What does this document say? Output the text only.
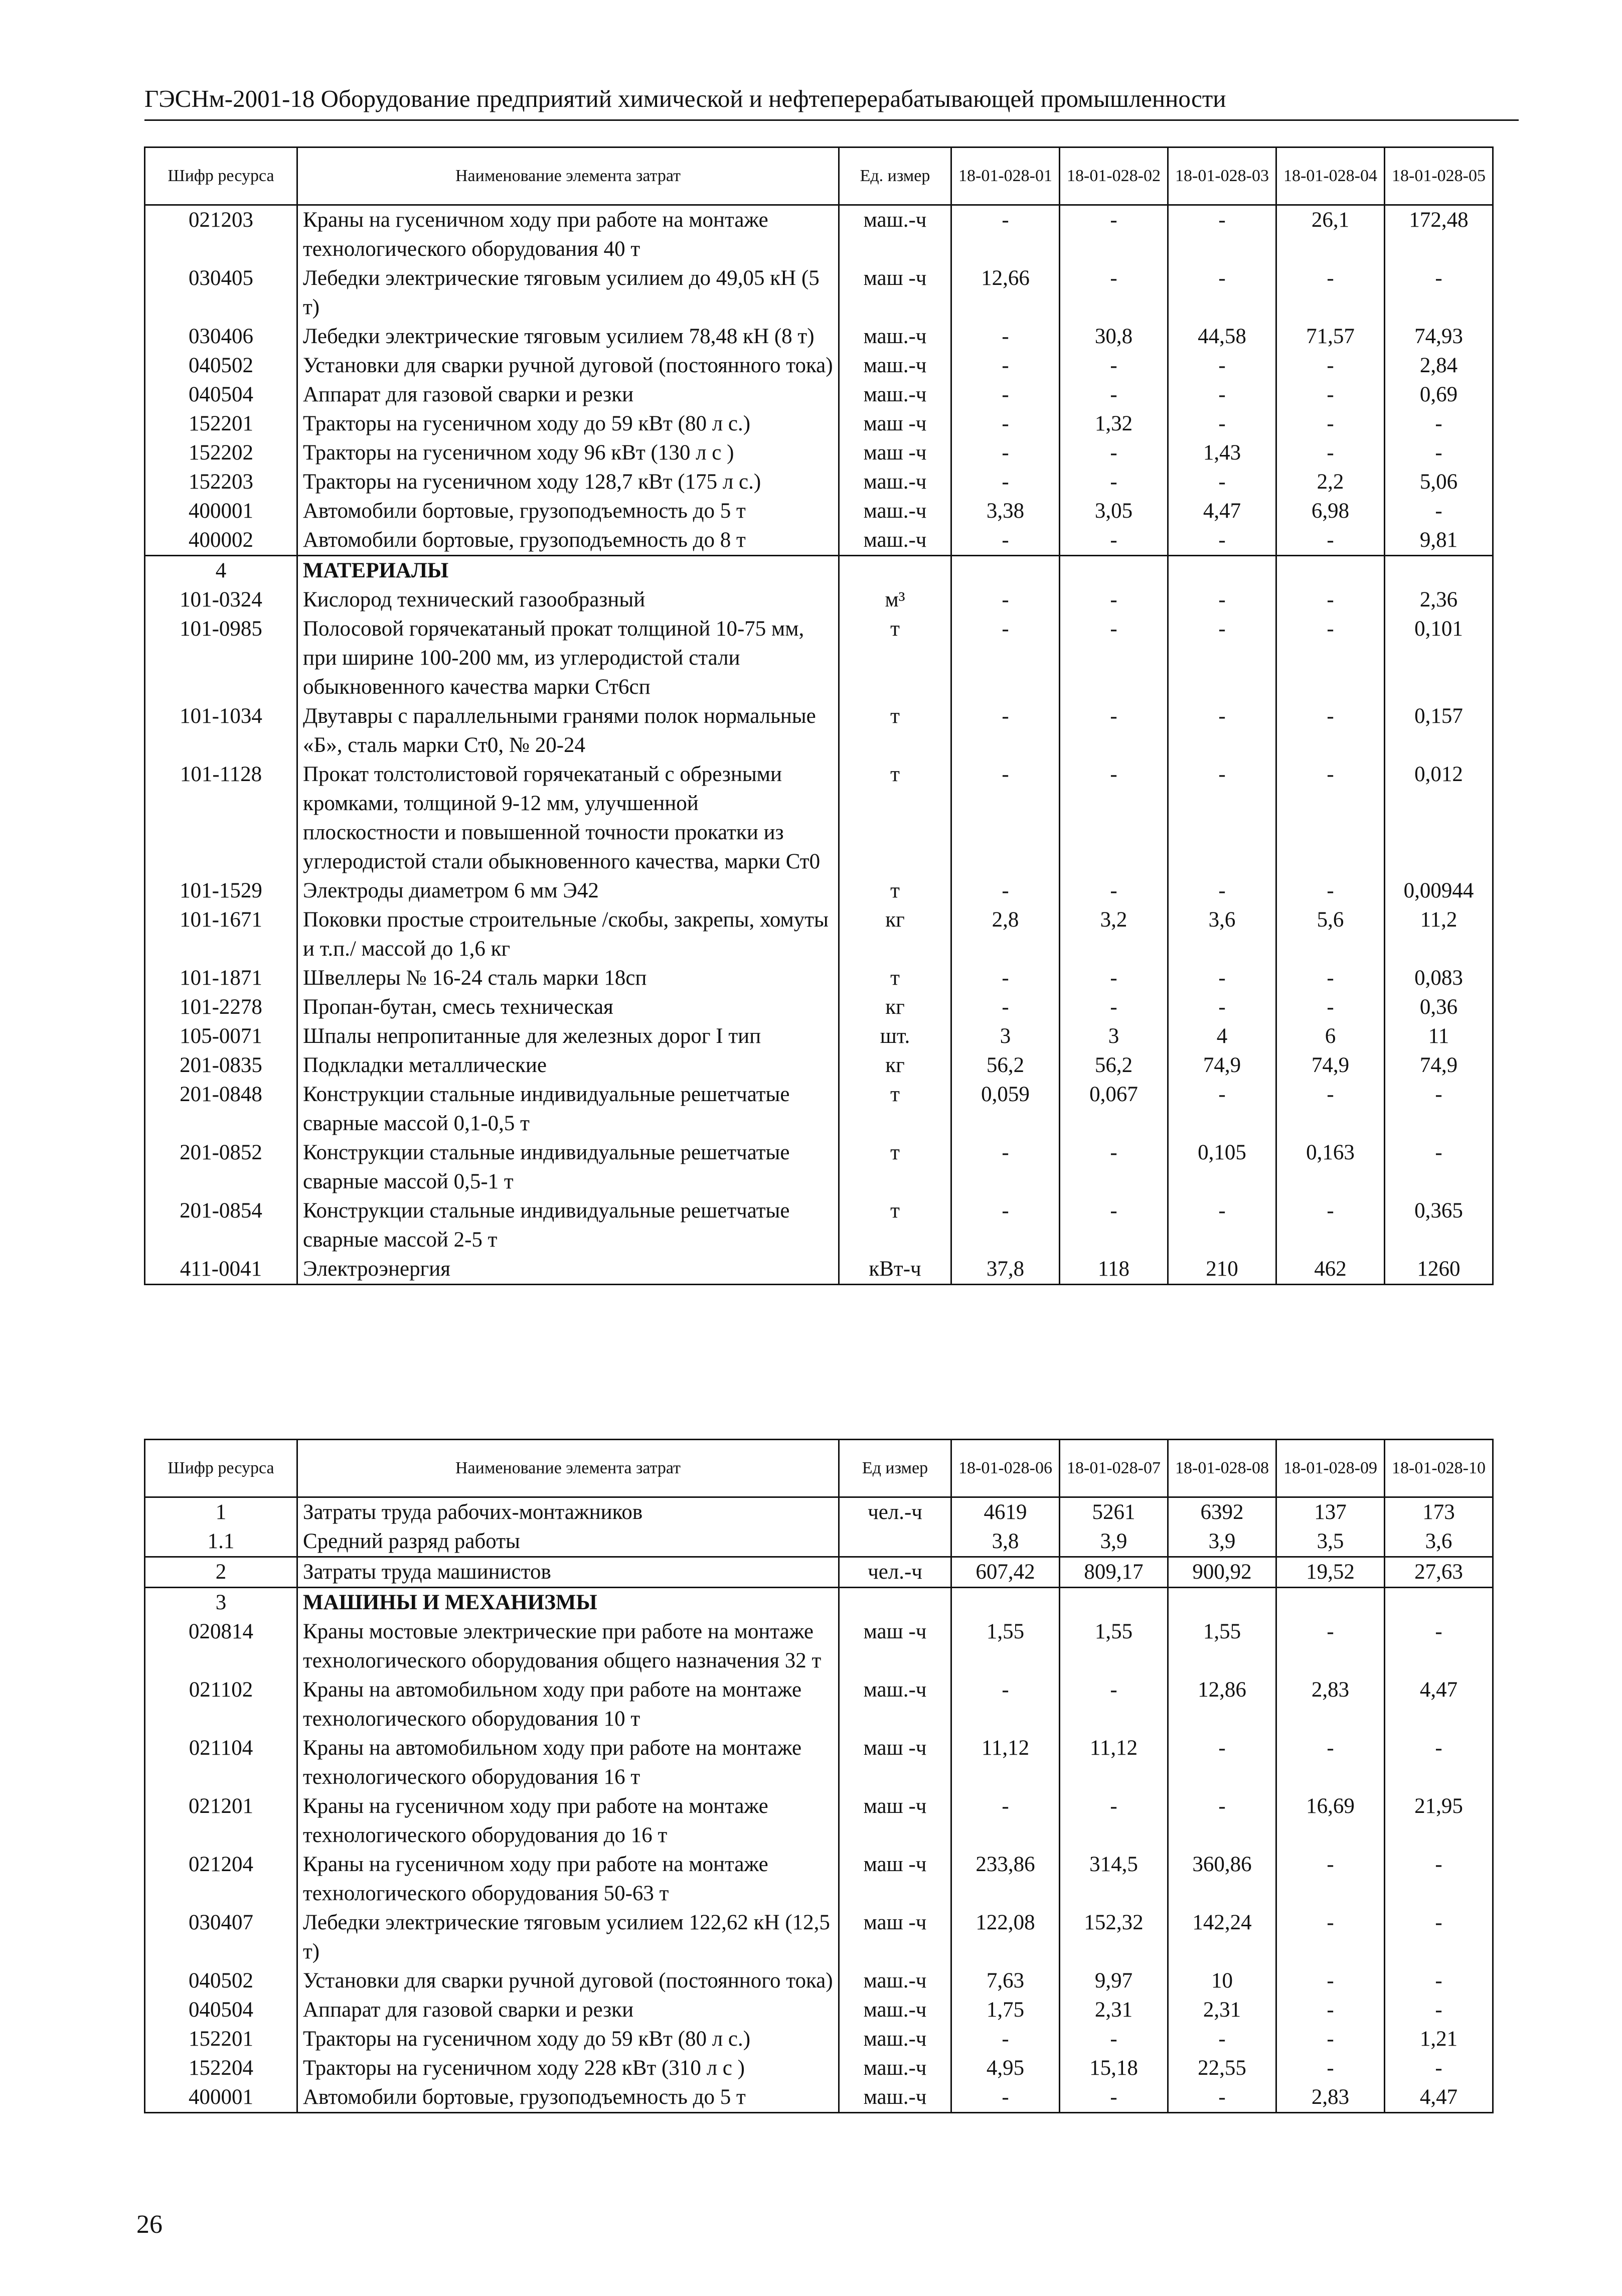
ГЭСНм-2001-18 Оборудование предприятий химической и нефтеперерабатывающей промышленности
Шифр ресурса	Наименование элемента затрат	Ед. измер	18-01-028-01	18-01-028-02	18-01-028-03	18-01-028-04	18-01-028-05
021203	Краны на гусеничном ходу при работе на монтаже технологического оборудования 40 т	маш.-ч	-	-	-	26,1	172,48
030405	Лебедки электрические тяговым усилием до 49,05 кН (5 т)	маш -ч	12,66	-	-	-	-
030406	Лебедки электрические тяговым усилием 78,48 кН (8 т)	маш.-ч	-	30,8	44,58	71,57	74,93
040502	Установки для сварки ручной дуговой (постоянного тока)	маш.-ч	-	-	-	-	2,84
040504	Аппарат для газовой сварки и резки	маш.-ч	-	-	-	-	0,69
152201	Тракторы на гусеничном ходу до 59 кВт (80 л с.)	маш -ч	-	1,32	-	-	-
152202	Тракторы на гусеничном ходу 96 кВт (130 л с )	маш -ч	-	-	1,43	-	-
152203	Тракторы на гусеничном ходу 128,7 кВт (175 л с.)	маш.-ч	-	-	-	2,2	5,06
400001	Автомобили бортовые, грузоподъемность до 5 т	маш.-ч	3,38	3,05	4,47	6,98	-
400002	Автомобили бортовые, грузоподъемность до 8 т	маш.-ч	-	-	-	-	9,81
4	МАТЕРИАЛЫ						
101-0324	Кислород технический газообразный	м³	-	-	-	-	2,36
101-0985	Полосовой горячекатаный прокат толщиной 10-75 мм, при ширине 100-200 мм, из углеродистой стали обыкновенного качества марки Ст6сп	т	-	-	-	-	0,101
101-1034	Двутавры с параллельными гранями полок нормальные «Б», сталь марки Ст0, № 20-24	т	-	-	-	-	0,157
101-1128	Прокат толстолистовой горячекатаный с обрезными кромками, толщиной 9-12 мм, улучшенной плоскостности и повышенной точности прокатки из углеродистой стали обыкновенного качества, марки Ст0	т	-	-	-	-	0,012
101-1529	Электроды диаметром 6 мм Э42	т	-	-	-	-	0,00944
101-1671	Поковки простые строительные /скобы, закрепы, хомуты и т.п./ массой до 1,6 кг	кг	2,8	3,2	3,6	5,6	11,2
101-1871	Швеллеры № 16-24 сталь марки 18сп	т	-	-	-	-	0,083
101-2278	Пропан-бутан, смесь техническая	кг	-	-	-	-	0,36
105-0071	Шпалы непропитанные для железных дорог I тип	шт.	3	3	4	6	11
201-0835	Подкладки металлические	кг	56,2	56,2	74,9	74,9	74,9
201-0848	Конструкции стальные индивидуальные решетчатые сварные массой 0,1-0,5 т	т	0,059	0,067	-	-	-
201-0852	Конструкции стальные индивидуальные решетчатые сварные массой 0,5-1 т	т	-	-	0,105	0,163	-
201-0854	Конструкции стальные индивидуальные решетчатые сварные массой 2-5 т	т	-	-	-	-	0,365
411-0041	Электроэнергия	кВт-ч	37,8	118	210	462	1260
Шифр ресурса	Наименование элемента затрат	Ед измер	18-01-028-06	18-01-028-07	18-01-028-08	18-01-028-09	18-01-028-10
1	Затраты труда рабочих-монтажников	чел.-ч	4619	5261	6392	137	173
1.1	Средний разряд работы		3,8	3,9	3,9	3,5	3,6
2	Затраты труда машинистов	чел.-ч	607,42	809,17	900,92	19,52	27,63
3	МАШИНЫ И МЕХАНИЗМЫ						
020814	Краны мостовые электрические при работе на монтаже технологического оборудования общего назначения 32 т	маш -ч	1,55	1,55	1,55	-	-
021102	Краны на автомобильном ходу при работе на монтаже технологического оборудования 10 т	маш.-ч	-	-	12,86	2,83	4,47
021104	Краны на автомобильном ходу при работе на монтаже технологического оборудования 16 т	маш -ч	11,12	11,12	-	-	-
021201	Краны на гусеничном ходу при работе на монтаже технологического оборудования до 16 т	маш -ч	-	-	-	16,69	21,95
021204	Краны на гусеничном ходу при работе на монтаже технологического оборудования 50-63 т	маш -ч	233,86	314,5	360,86	-	-
030407	Лебедки электрические тяговым усилием 122,62 кН (12,5 т)	маш -ч	122,08	152,32	142,24	-	-
040502	Установки для сварки ручной дуговой (постоянного тока)	маш.-ч	7,63	9,97	10	-	-
040504	Аппарат для газовой сварки и резки	маш.-ч	1,75	2,31	2,31	-	-
152201	Тракторы на гусеничном ходу до 59 кВт (80 л с.)	маш.-ч	-	-	-	-	1,21
152204	Тракторы на гусеничном ходу 228 кВт (310 л с )	маш.-ч	4,95	15,18	22,55	-	-
400001	Автомобили бортовые, грузоподъемность до 5 т	маш.-ч	-	-	-	2,83	4,47
26
